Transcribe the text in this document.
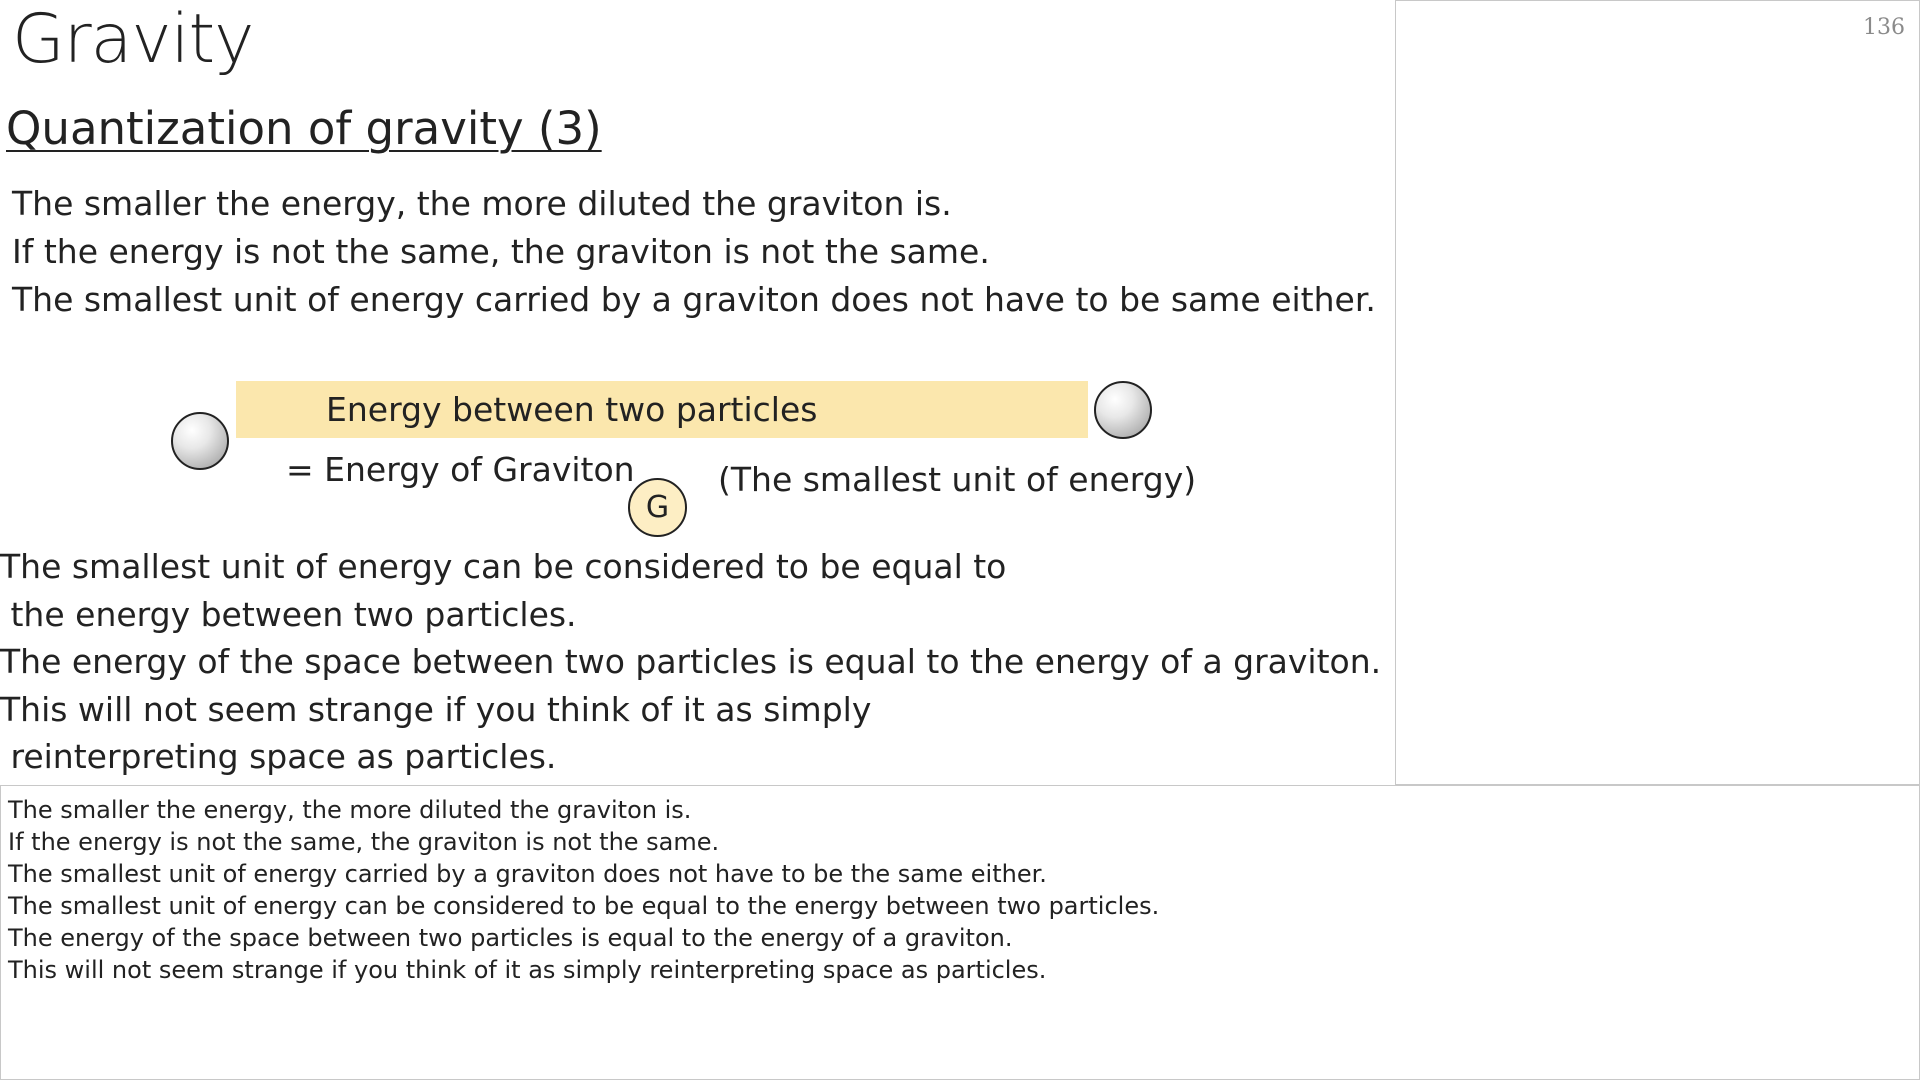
Gravity
Quantization of gravity (3)
The smaller the energy, the more diluted the graviton is.
If the energy is not the same, the graviton is not the same.
The smallest unit of energy carried by a graviton does not have to be same either.
Energy between two particles
= Energy of Graviton
G
(The smallest unit of energy)
The smallest unit of energy can be considered to be equal to
the energy between two particles.
The energy of the space between two particles is equal to the energy of a graviton.
This will not seem strange if you think of it as simply
reinterpreting space as particles.
136
The smaller the energy, the more diluted the graviton is.
If the energy is not the same, the graviton is not the same.
The smallest unit of energy carried by a graviton does not have to be the same either.
The smallest unit of energy can be considered to be equal to the energy between two particles.
The energy of the space between two particles is equal to the energy of a graviton.
This will not seem strange if you think of it as simply reinterpreting space as particles.
